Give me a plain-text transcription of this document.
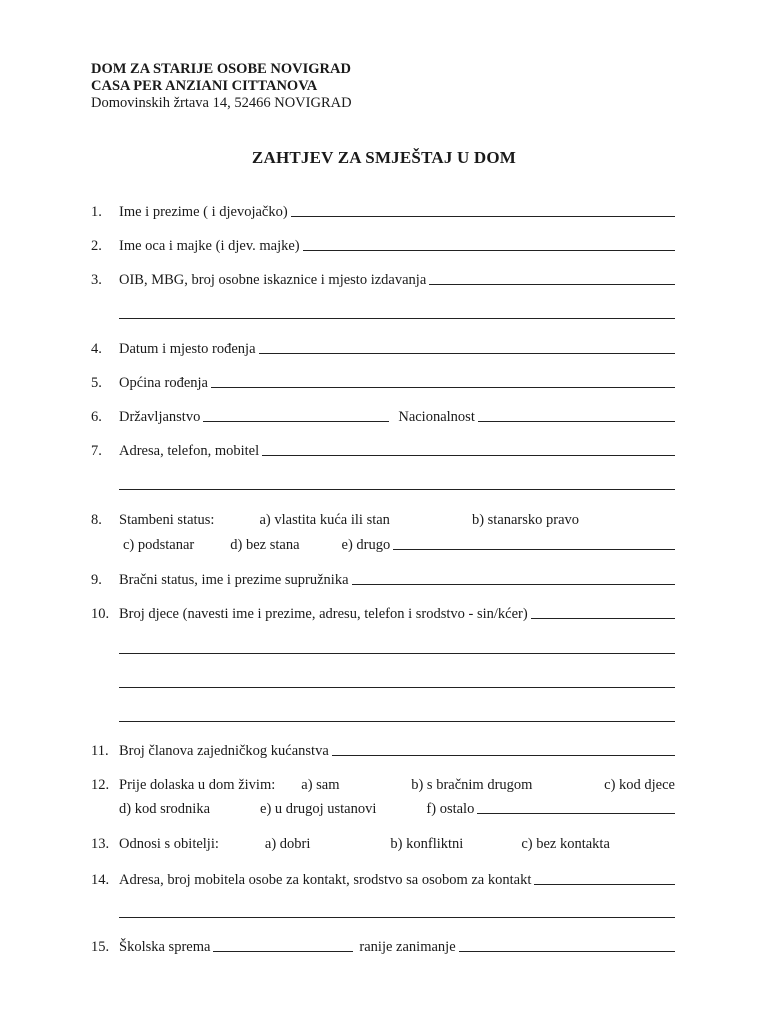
DOM ZA STARIJE OSOBE NOVIGRAD
CASA PER ANZIANI CITTANOVA
Domovinskih žrtava 14, 52466 NOVIGRAD
ZAHTJEV ZA SMJEŠTAJ U DOM
1.	Ime i prezime ( i djevojačko)
2.	Ime oca i majke (i djev. majke)
3.	OIB, MBG, broj osobne iskaznice i mjesto izdavanja
4.	Datum i mjesto rođenja
5.	Općina rođenja
6.	Državljanstvo	Nacionalnost
7.	Adresa, telefon, mobitel
8.	Stambeni status:	a) vlastita kuća ili stan	b) stanarsko pravo
c) podstanar d) bez stana	e) drugo
9.	Bračni status, ime i prezime supružnika
10. Broj djece (navesti ime i prezime, adresu, telefon i srodstvo - sin/kćer)
11. Broj članova zajedničkog kućanstva
12. Prije dolaska u dom živim: a) sam	b) s bračnim drugom	c) kod djece
d) kod srodnika	e) u drugoj ustanovi	f) ostalo
13. Odnosi s obitelji:	a) dobri	b) konfliktni	c) bez kontakta
14. Adresa, broj mobitela osobe za kontakt, srodstvo sa osobom za kontakt
15. Školska sprema	ranije zanimanje
